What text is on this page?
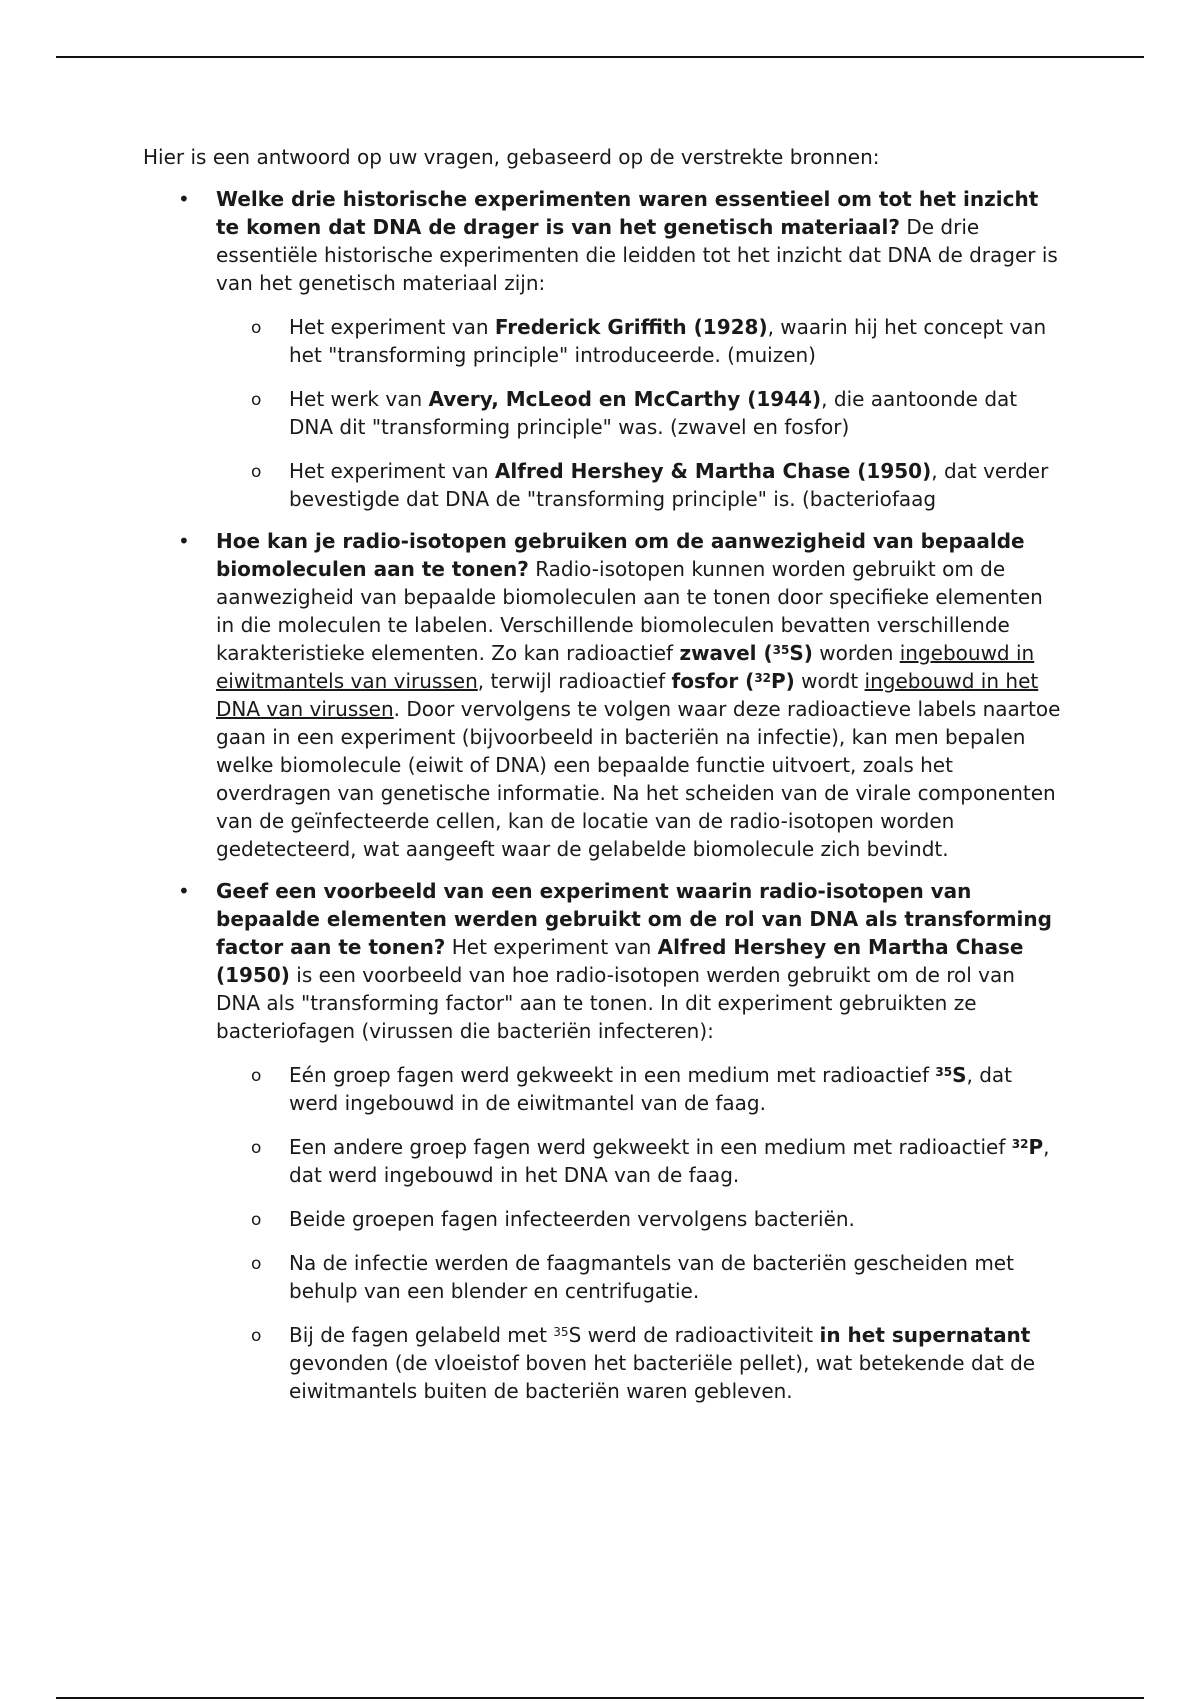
Hier is een antwoord op uw vragen, gebaseerd op de verstrekte bronnen:

• Welke drie historische experimenten waren essentieel om tot het inzicht te komen dat DNA de drager is van het genetisch materiaal? De drie essentiële historische experimenten die leidden tot het inzicht dat DNA de drager is van het genetisch materiaal zijn:
o Het experiment van Frederick Griffith (1928), waarin hij het concept van het "transforming principle" introduceerde. (muizen)
o Het werk van Avery, McLeod en McCarthy (1944), die aantoonde dat DNA dit "transforming principle" was. (zwavel en fosfor)
o Het experiment van Alfred Hershey & Martha Chase (1950), dat verder bevestigde dat DNA de "transforming principle" is. (bacteriofaag
• Hoe kan je radio-isotopen gebruiken om de aanwezigheid van bepaalde biomoleculen aan te tonen? Radio-isotopen kunnen worden gebruikt om de aanwezigheid van bepaalde biomoleculen aan te tonen door specifieke elementen in die moleculen te labelen. Verschillende biomoleculen bevatten verschillende karakteristieke elementen. Zo kan radioactief zwavel ($^{35}$S) worden ingebouwd in eiwitmantels van virussen, terwijl radioactief fosfor ($^{32}$P) wordt ingebouwd in het DNA van virussen. Door vervolgens te volgen waar deze radioactieve labels naartoe gaan in een experiment (bijvoorbeeld in bacteriën na infectie), kan men bepalen welke biomolecule (eiwit of DNA) een bepaalde functie uitvoert, zoals het overdragen van genetische informatie. Na het scheiden van de virale componenten van de geïnfecteerde cellen, kan de locatie van de radio-isotopen worden gedetecteerd, wat aangeeft waar de gelabelde biomolecule zich bevindt.
• Geef een voorbeeld van een experiment waarin radio-isotopen van bepaalde elementen werden gebruikt om de rol van DNA als transforming factor aan te tonen? Het experiment van Alfred Hershey en Martha Chase (1950) is een voorbeeld van hoe radio-isotopen werden gebruikt om de rol van DNA als "transforming factor" aan te tonen. In dit experiment gebruikten ze bacteriofagen (virussen die bacteriën infecteren):
o Eén groep fagen werd gekweekt in een medium met radioactief $^{35}$S, dat werd ingebouwd in de eiwitmantel van de faag.
o Een andere groep fagen werd gekweekt in een medium met radioactief $^{32}$P, dat werd ingebouwd in het DNA van de faag.
o Beide groepen fagen infecteerden vervolgens bacteriën.
o Na de infectie werden de faagmantels van de bacteriën gescheiden met behulp van een blender en centrifugatie.
o Bij de fagen gelabeld met $^{35}$S werd de radioactiviteit in het supernatant gevonden (de vloeistof boven het bacteriële pellet), wat betekende dat de eiwitmantels buiten de bacteriën waren gebleven.
